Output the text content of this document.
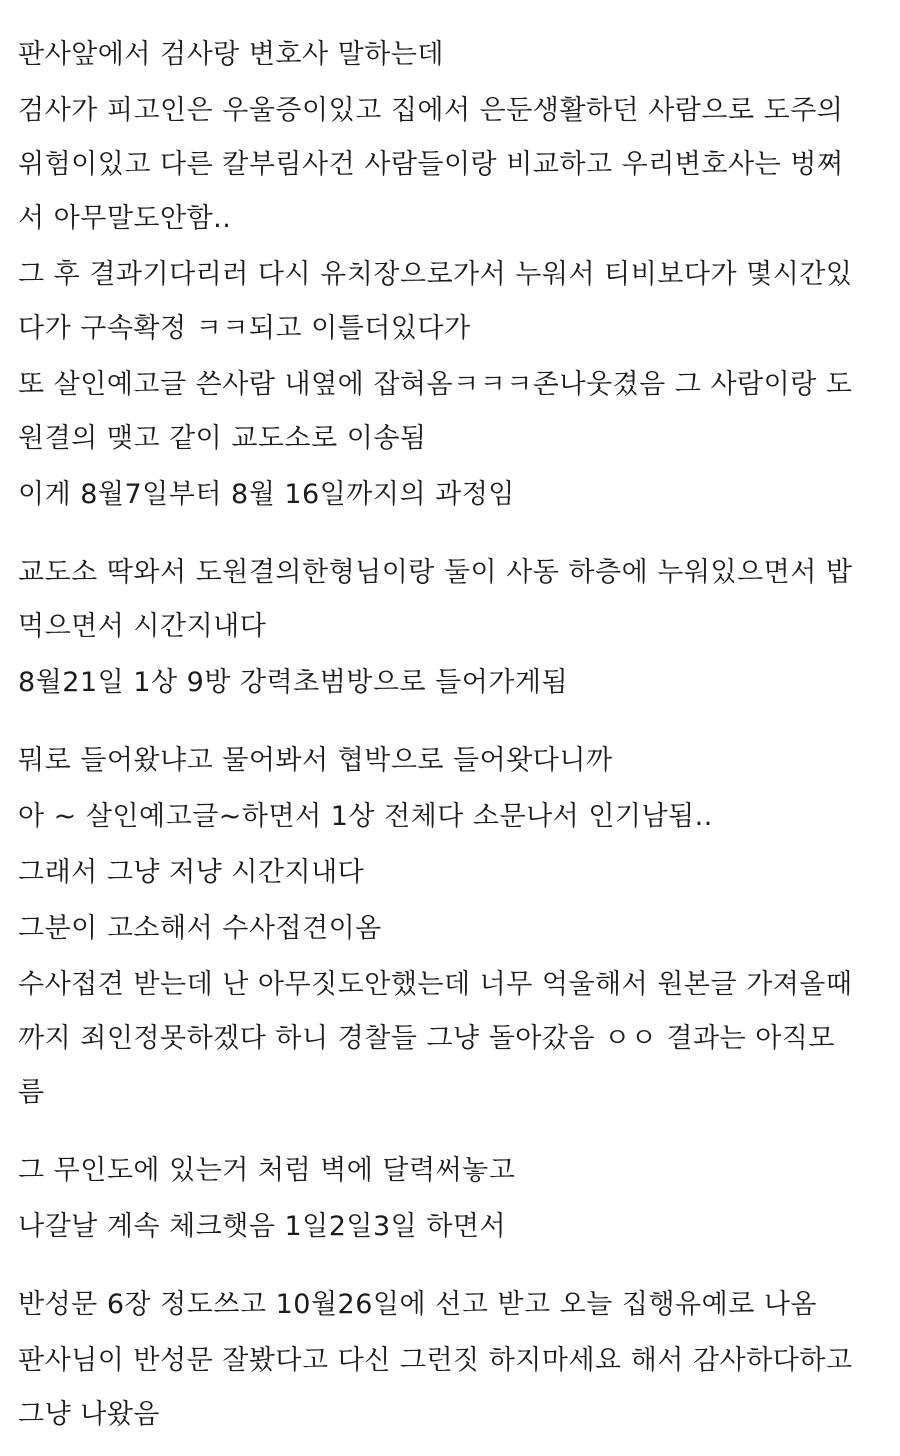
판사앞에서 검사랑 변호사 말하는데
검사가 피고인은 우울증이있고 집에서 은둔생활하던 사람으로 도주의
위험이있고 다른 칼부림사건 사람들이랑 비교하고 우리변호사는 벙쪄
서 아무말도안함..
그 후 결과기다리러 다시 유치장으로가서 누워서 티비보다가 몇시간있
다가 구속확정 ㅋㅋ되고 이틀더있다가
또 살인예고글 쓴사람 내옆에 잡혀옴ㅋㅋㅋ존나웃겼음 그 사람이랑 도
원결의 맺고 같이 교도소로 이송됨
이게 8월7일부터 8월 16일까지의 과정임
교도소 딱와서 도원결의한형님이랑 둘이 사동 하층에 누워있으면서 밥
먹으면서 시간지내다
8월21일 1상 9방 강력초범방으로 들어가게됨
뭐로 들어왔냐고 물어봐서 협박으로 들어왓다니까
아 ~ 살인예고글~하면서 1상 전체다 소문나서 인기남됨..
그래서 그냥 저냥 시간지내다
그분이 고소해서 수사접견이옴
수사접견 받는데 난 아무짓도안했는데 너무 억울해서 원본글 가져올때
까지 죄인정못하겠다 하니 경찰들 그냥 돌아갔음 ㅇㅇ 결과는 아직모
름
그 무인도에 있는거 처럼 벽에 달력써놓고
나갈날 계속 체크햇음 1일2일3일 하면서
반성문 6장 정도쓰고 10월26일에 선고 받고 오늘 집행유예로 나옴
판사님이 반성문 잘봤다고 다신 그런짓 하지마세요 해서 감사하다하고
그냥 나왔음
